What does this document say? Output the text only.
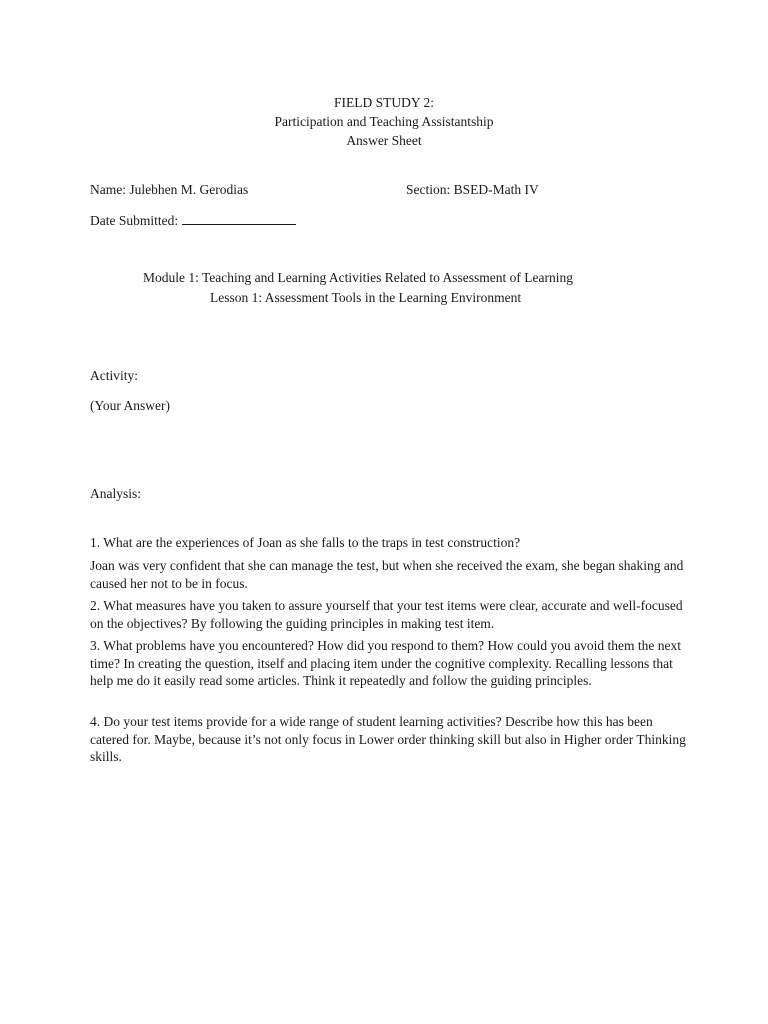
FIELD STUDY 2:
Participation and Teaching Assistantship
Answer Sheet
Name: Julebhen M. Gerodias	Section: BSED-Math IV
Date Submitted:
Module 1: Teaching and Learning Activities Related to Assessment of Learning
Lesson 1: Assessment Tools in the Learning Environment
Activity:
(Your Answer)
Analysis:
1. What are the experiences of Joan as she falls to the traps in test construction?
Joan was very confident that she can manage the test, but when she received the exam, she began shaking and caused her not to be in focus.
2. What measures have you taken to assure yourself that your test items were clear, accurate and well-focused on the objectives? By following the guiding principles in making test item.
3. What problems have you encountered? How did you respond to them? How could you avoid them the next time? In creating the question, itself and placing item under the cognitive complexity. Recalling lessons that help me do it easily read some articles. Think it repeatedly and follow the guiding principles.
4. Do your test items provide for a wide range of student learning activities? Describe how this has been catered for. Maybe, because it’s not only focus in Lower order thinking skill but also in Higher order Thinking skills.
